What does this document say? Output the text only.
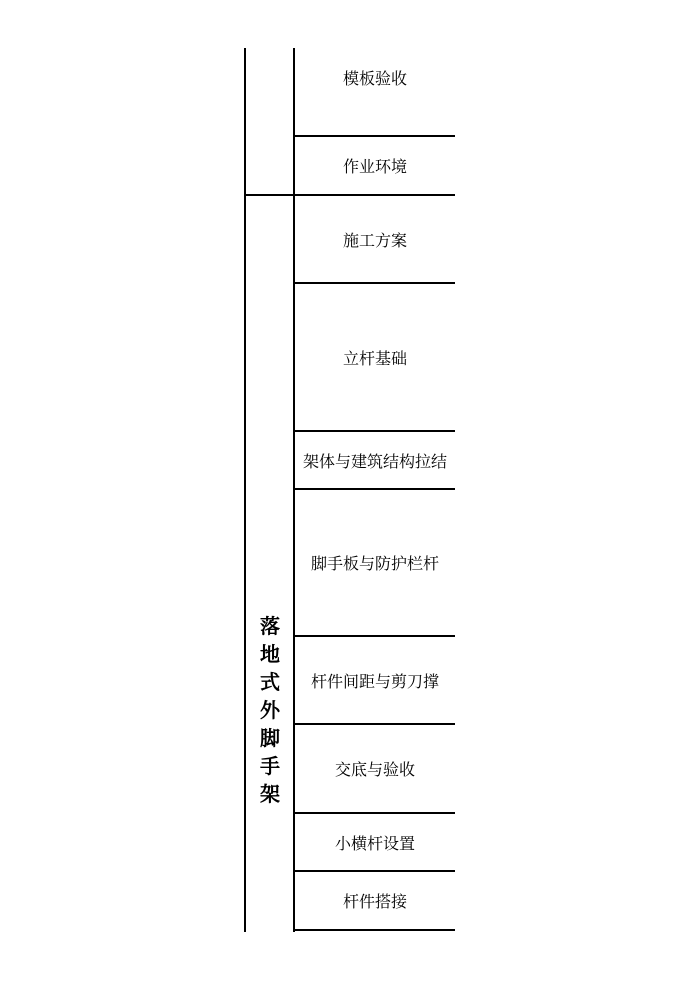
模板验收
作业环境
施工方案
立杆基础
架体与建筑结构拉结
脚手板与防护栏杆
杆件间距与剪刀撑
交底与验收
小横杆设置
杆件搭接
落
地
式
外
脚
手
架
